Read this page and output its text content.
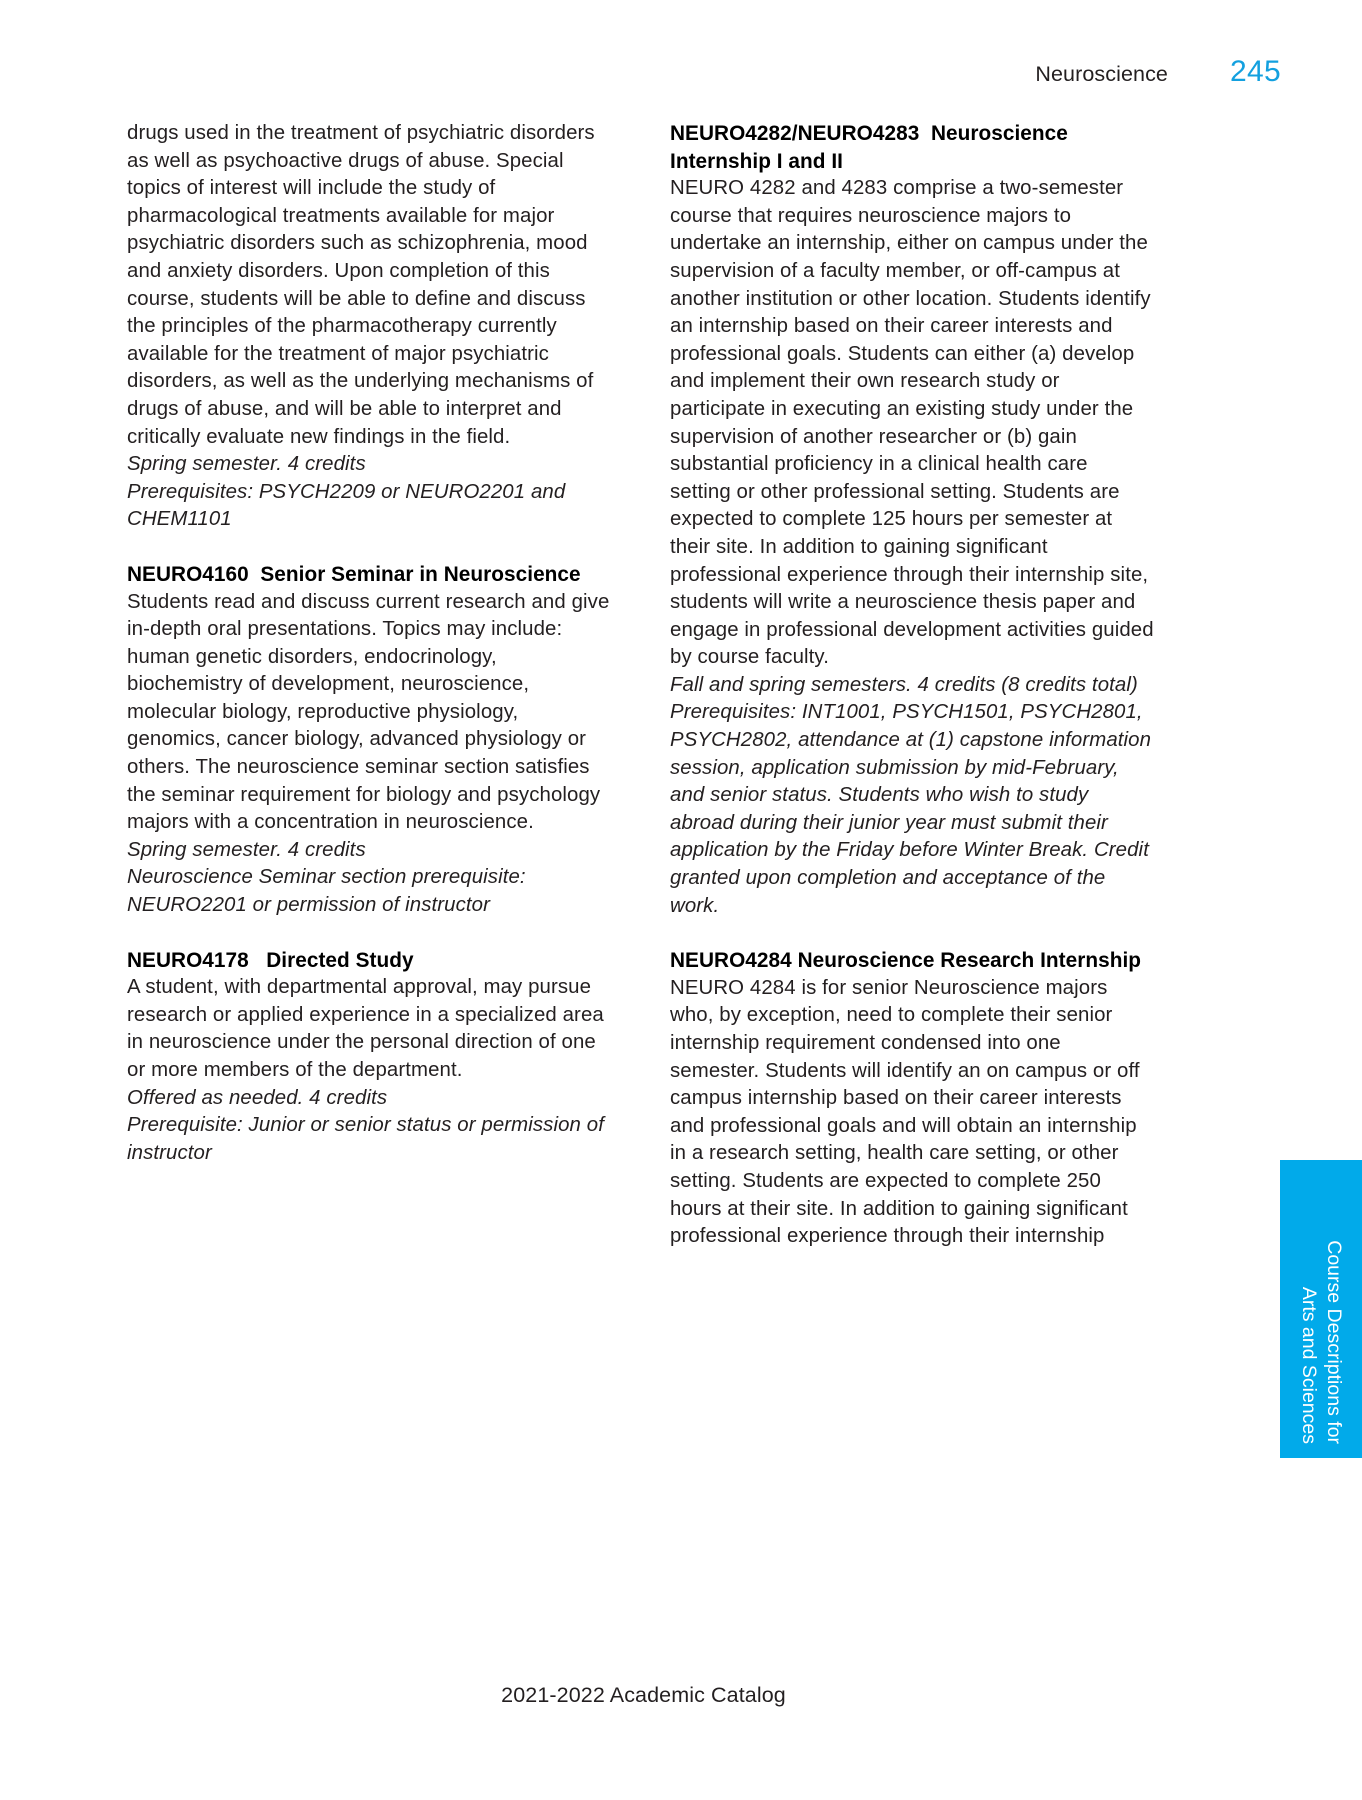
Neuroscience 245

drugs used in the treatment of psychiatric disorders as well as psychoactive drugs of abuse. Special topics of interest will include the study of pharmacological treatments available for major psychiatric disorders such as schizophrenia, mood and anxiety disorders. Upon completion of this course, students will be able to define and discuss the principles of the pharmacotherapy currently available for the treatment of major psychiatric disorders, as well as the underlying mechanisms of drugs of abuse, and will be able to interpret and critically evaluate new findings in the field.

Spring semester. 4 credits

Prerequisites: PSYCH2209 or NEURO2201 and CHEM1101

NEURO4160 Senior Seminar in Neuroscience

Students read and discuss current research and give in-depth oral presentations. Topics may include: human genetic disorders, endocrinology, biochemistry of development, neuroscience, molecular biology, reproductive physiology, genomics, cancer biology, advanced physiology or others. The neuroscience seminar section satisfies the seminar requirement for biology and psychology majors with a concentration in neuroscience.

Spring semester. 4 credits

Neuroscience Seminar section prerequisite: NEURO2201 or permission of instructor

NEURO4178 Directed Study

A student, with departmental approval, may pursue research or applied experience in a specialized area in neuroscience under the personal direction of one or more members of the department.

Offered as needed. 4 credits

Prerequisite: Junior or senior status or permission of instructor

NEURO4282/NEURO4283 Neuroscience Internship I and II

NEURO 4282 and 4283 comprise a two-semester course that requires neuroscience majors to undertake an internship, either on campus under the supervision of a faculty member, or off-campus at another institution or other location. Students identify an internship based on their career interests and professional goals. Students can either (a) develop and implement their own research study or participate in executing an existing study under the supervision of another researcher or (b) gain substantial proficiency in a clinical health care setting or other professional setting. Students are expected to complete 125 hours per semester at their site. In addition to gaining significant professional experience through their internship site, students will write a neuroscience thesis paper and engage in professional development activities guided by course faculty.

Fall and spring semesters. 4 credits (8 credits total)

Prerequisites: INT1001, PSYCH1501, PSYCH2801, PSYCH2802, attendance at (1) capstone information session, application submission by mid-February, and senior status. Students who wish to study abroad during their junior year must submit their application by the Friday before Winter Break. Credit granted upon completion and acceptance of the work.

NEURO4284 Neuroscience Research Internship

NEURO 4284 is for senior Neuroscience majors who, by exception, need to complete their senior internship requirement condensed into one semester. Students will identify an on campus or off campus internship based on their career interests and professional goals and will obtain an internship in a research setting, health care setting, or other setting. Students are expected to complete 250 hours at their site. In addition to gaining significant professional experience through their internship

Course Descriptions for
Arts and Sciences
2021-2022 Academic Catalog
